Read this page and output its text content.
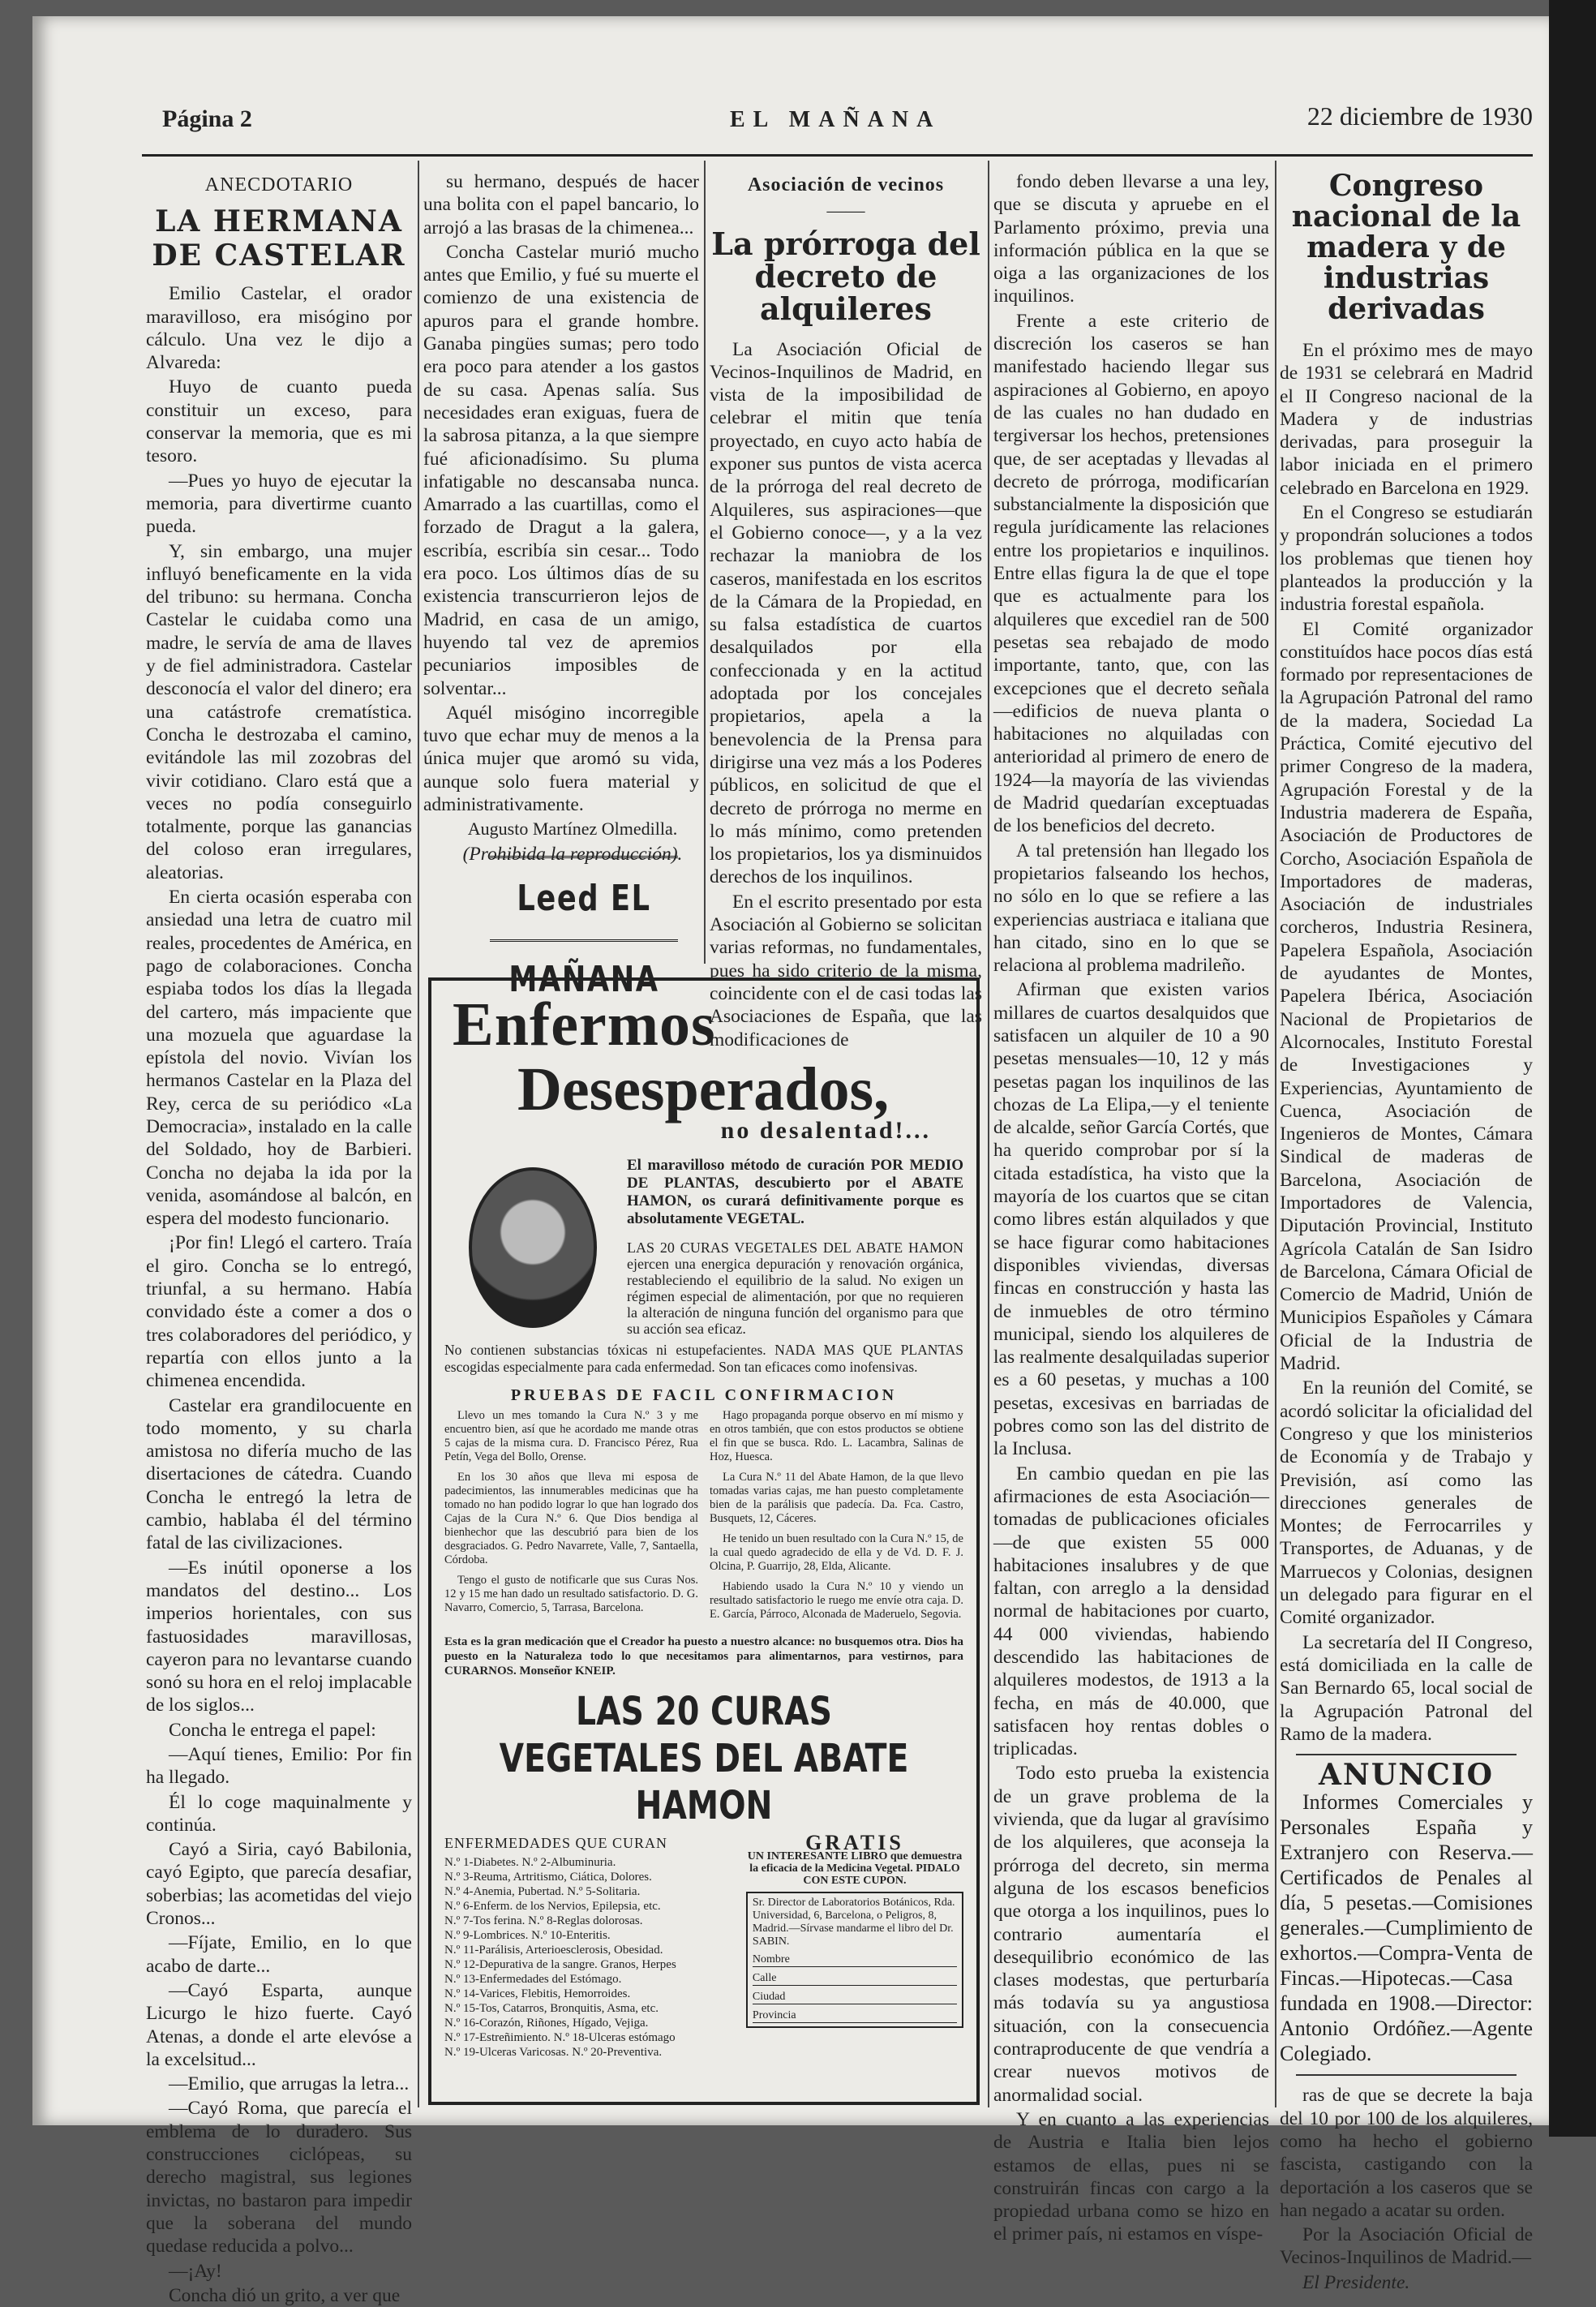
Página 2	EL MAÑANA	22 diciembre de 1930
ANECDOTARIO
LA HERMANA DE CASTELAR

Emilio Castelar, el orador maravilloso, era misógino por cálculo. Una vez le dijo a Alvareda:

Huyo de cuanto pueda constituir un exceso, para conservar la memoria, que es mi tesoro.

—Pues yo huyo de ejecutar la memoria, para divertirme cuanto pueda.

Y, sin embargo, una mujer influyó beneficamente en la vida del tribuno: su hermana. Concha Castelar le cuidaba como una madre, le servía de ama de llaves y de fiel administradora. Castelar desconocía el valor del dinero; era una catástrofe crematística. Concha le destrozaba el camino, evitándole las mil zozobras del vivir cotidiano. Claro está que a veces no podía conseguirlo totalmente, porque las ganancias del coloso eran irregulares, aleatorias.

En cierta ocasión esperaba con ansiedad una letra de cuatro mil reales, procedentes de América, en pago de colaboraciones. Concha espiaba todos los días la llegada del cartero, más impaciente que una mozuela que aguardase la epístola del novio. Vivían los hermanos Castelar en la Plaza del Rey, cerca de su periódico «La Democracia», instalado en la calle del Soldado, hoy de Barbieri. Concha no dejaba la ida por la venida, asomándose al balcón, en espera del modesto funcionario.

¡Por fin! Llegó el cartero. Traía el giro. Concha se lo entregó, triunfal, a su hermano. Había convidado éste a comer a dos o tres colaboradores del periódico, y repartía con ellos junto a la chimenea encendida.

Castelar era grandilocuente en todo momento, y su charla amistosa no difería mucho de las disertaciones de cátedra. Cuando Concha le entregó la letra de cambio, hablaba él del término fatal de las civilizaciones.

—Es inútil oponerse a los mandatos del destino... Los imperios horientales, con sus fastuosidades maravillosas, cayeron para no levantarse cuando sonó su hora en el reloj implacable de los siglos...

Concha le entrega el papel:

—Aquí tienes, Emilio: Por fin ha llegado.

Él lo coge maquinalmente y continúa.

Cayó a Siria, cayó Babilonia, cayó Egipto, que parecía desafiar, soberbias; las acometidas del viejo Cronos...

—Fíjate, Emilio, en lo que acabo de darte...

—Cayó Esparta, aunque Licurgo le hizo fuerte. Cayó Atenas, a donde el arte elevóse a la excelsitud...

—Emilio, que arrugas la letra...

—Cayó Roma, que parecía el emblema de lo duradero. Sus construcciones ciclópeas, su derecho magistral, sus legiones invictas, no bastaron para impedir que la soberana del mundo quedase reducida a polvo...

—¡Ay!

Concha dió un grito, a ver que

su hermano, después de hacer una bolita con el papel bancario, lo arrojó a las brasas de la chimenea...

Concha Castelar murió mucho antes que Emilio, y fué su muerte el comienzo de una existencia de apuros para el grande hombre. Ganaba pingües sumas; pero todo era poco para atender a los gastos de su casa. Apenas salía. Sus necesidades eran exiguas, fuera de la sabrosa pitanza, a la que siempre fué aficionadísimo. Su pluma infatigable no descansaba nunca. Amarrado a las cuartillas, como el forzado de Dragut a la galera, escribía, escribía sin cesar... Todo era poco. Los últimos días de su existencia transcurrieron lejos de Madrid, en casa de un amigo, huyendo tal vez de apremios pecuniarios imposibles de solventar...

Aquél misógino incorregible tuvo que echar muy de menos a la única mujer que aromó su vida, aunque solo fuera material y administrativamente.

Augusto Martínez Olmedilla.

(Prohibida la reproducción).

Leed EL MAÑANA
Asociación de vecinos
——
La prórroga del decreto de alquileres

La Asociación Oficial de Vecinos-Inquilinos de Madrid, en vista de la imposibilidad de celebrar el mitin que tenía proyectado, en cuyo acto había de exponer sus puntos de vista acerca de la prórroga del real decreto de Alquileres, sus aspiraciones—que el Gobierno conoce—, y a la vez rechazar la maniobra de los caseros, manifestada en los escritos de la Cámara de la Propiedad, en su falsa estadística de cuartos desalquilados por ella confeccionada y en la actitud adoptada por los concejales propietarios, apela a la benevolencia de la Prensa para dirigirse una vez más a los Poderes públicos, en solicitud de que el decreto de prórroga no merme en lo más mínimo, como pretenden los propietarios, los ya disminuidos derechos de los inquilinos.

En el escrito presentado por esta Asociación al Gobierno se solicitan varias reformas, no fundamentales, pues ha sido criterio de la misma, coincidente con el de casi todas las Asociaciones de España, que las modificaciones de

fondo deben llevarse a una ley, que se discuta y apruebe en el Parlamento próximo, previa una información pública en la que se oiga a las organizaciones de los inquilinos.

Frente a este criterio de discreción los caseros se han manifestado haciendo llegar sus aspiraciones al Gobierno, en apoyo de las cuales no han dudado en tergiversar los hechos, pretensiones que, de ser aceptadas y llevadas al decreto de prórroga, modificarían substancialmente la disposición que regula jurídicamente las relaciones entre los propietarios e inquilinos. Entre ellas figura la de que el tope que es actualmente para los alquileres que excediel ran de 500 pesetas sea rebajado de modo importante, tanto, que, con las excepciones que el decreto señala—edificios de nueva planta o habitaciones no alquiladas con anterioridad al primero de enero de 1924—la mayoría de las viviendas de Madrid quedarían exceptuadas de los beneficios del decreto.

A tal pretensión han llegado los propietarios falseando los hechos, no sólo en lo que se refiere a las experiencias austriaca e italiana que han citado, sino en lo que se relaciona al problema madrileño.

Afirman que existen varios millares de cuartos desalquidos que satisfacen un alquiler de 10 a 90 pesetas mensuales—10, 12 y más pesetas pagan los inquilinos de las chozas de La Elipa,—y el teniente de alcalde, señor García Cortés, que ha querido comprobar por sí la citada estadística, ha visto que la mayoría de los cuartos que se citan como libres están alquilados y que se hace figurar como habitaciones disponibles viviendas, diversas fincas en construcción y hasta las de inmuebles de otro término municipal, siendo los alquileres de las realmente desalquiladas superior es a 60 pesetas, y muchas a 100 pesetas, excesivas en barriadas de pobres como son las del distrito de la Inclusa.

En cambio quedan en pie las afirmaciones de esta Asociación—tomadas de publicaciones oficiales—de que existen 55 000 habitaciones insalubres y de que faltan, con arreglo a la densidad normal de habitaciones por cuarto, 44 000 viviendas, habiendo descendido las habitaciones de alquileres modestos, de 1913 a la fecha, en más de 40.000, que satisfacen hoy rentas dobles o triplicadas.

Todo esto prueba la existencia de un grave problema de la vivienda, que da lugar al gravísimo de los alquileres, que aconseja la prórroga del decreto, sin merma alguna de los escasos beneficios que otorga a los inquilinos, pues lo contrario aumentaría el desequilibrio económico de las clases modestas, que perturbaría más todavía su ya angustiosa situación, con la consecuencia contraproducente de que vendría a crear nuevos motivos de anormalidad social.

Y en cuanto a las experiencias de Austria e Italia bien lejos estamos de ellas, pues ni se construirán fincas con cargo a la propiedad urbana como se hizo en el primer país, ni estamos en víspe-

Congreso nacional de la madera y de industrias derivadas

En el próximo mes de mayo de 1931 se celebrará en Madrid el II Congreso nacional de la Madera y de industrias derivadas, para proseguir la labor iniciada en el primero celebrado en Barcelona en 1929.

En el Congreso se estudiarán y propondrán soluciones a todos los problemas que tienen hoy planteados la producción y la industria forestal española.

El Comité organizador constituídos hace pocos días está formado por representaciones de la Agrupación Patronal del ramo de la madera, Sociedad La Práctica, Comité ejecutivo del primer Congreso de la madera, Agrupación Forestal y de la Industria maderera de España, Asociación de Productores de Corcho, Asociación Española de Importadores de maderas, Asociación de industriales corcheros, Industria Resinera, Papelera Española, Asociación de ayudantes de Montes, Papelera Ibérica, Asociación Nacional de Propietarios de Alcornocales, Instituto Forestal de Investigaciones y Experiencias, Ayuntamiento de Cuenca, Asociación de Ingenieros de Montes, Cámara Sindical de maderas de Barcelona, Asociación de Importadores de Valencia, Diputación Provincial, Instituto Agrícola Catalán de San Isidro de Barcelona, Cámara Oficial de Comercio de Madrid, Unión de Municipios Españoles y Cámara Oficial de la Industria de Madrid.

En la reunión del Comité, se acordó solicitar la oficialidad del Congreso y que los ministerios de Economía y de Trabajo y Previsión, así como las direcciones generales de Montes; de Ferrocarriles y Transportes, de Aduanas, y de Marruecos y Colonias, designen un delegado para figurar en el Comité organizador.

La secretaría del II Congreso, está domiciliada en la calle de San Bernardo 65, local social de la Agrupación Patronal del Ramo de la madera.

ANUNCIO

Informes Comerciales y Personales España y Extranjero con Reserva.—Certificados de Penales al día, 5 pesetas.—Comisiones generales.—Cumplimiento de exhortos.—Compra-Venta de Fincas.—Hipotecas.—Casa fundada en 1908.—Director: Antonio Ordóñez.—Agente Colegiado.

ras de que se decrete la baja del 10 por 100 de los alquileres, como ha hecho el gobierno fascista, castigando con la deportación a los caseros que se han negado a acatar su orden.

Por la Asociación Oficial de Vecinos-Inquilinos de Madrid.—

El Presidente.

Enfermos
Desesperados,
no desalentad!...
El maravilloso método de curación POR MEDIO DE PLANTAS, descubierto por el ABATE HAMON, os curará definitivamente porque es absolutamente VEGETAL.
LAS 20 CURAS VEGETALES DEL ABATE HAMON ejercen una energica depuración y renovación orgánica, restableciendo el equilibrio de la salud. No exigen un régimen especial de alimentación, por que no requieren la alteración de ninguna función del organismo para que su acción sea eficaz.
No contienen substancias tóxicas ni estupefacientes. NADA MAS QUE PLANTAS escogidas especialmente para cada enfermedad. Son tan eficaces como inofensivas.
PRUEBAS DE FACIL CONFIRMACION

Llevo un mes tomando la Cura N.º 3 y me encuentro bien, así que he acordado me mande otras 5 cajas de la misma cura. D. Francisco Pérez, Rua Petín, Vega del Bollo, Orense.

En los 30 años que lleva mi esposa de padecimientos, las innumerables medicinas que ha tomado no han podido lograr lo que han logrado dos Cajas de la Cura N.º 6. Que Dios bendiga al bienhechor que las descubrió para bien de los desgraciados. G. Pedro Navarrete, Valle, 7, Santaella, Córdoba.

Tengo el gusto de notificarle que sus Curas Nos. 12 y 15 me han dado un resultado satisfactorio. D. G. Navarro, Comercio, 5, Tarrasa, Barcelona.

Hago propaganda porque observo en mí mismo y en otros también, que con estos productos se obtiene el fin que se busca. Rdo. L. Lacambra, Salinas de Hoz, Huesca.

La Cura N.º 11 del Abate Hamon, de la que llevo tomadas varias cajas, me han puesto completamente bien de la parálisis que padecía. Da. Fca. Castro, Busquets, 12, Cáceres.

He tenido un buen resultado con la Cura N.º 15, de la cual quedo agradecido de ella y de Vd. D. F. J. Olcina, P. Guarrijo, 28, Elda, Alicante.

Habiendo usado la Cura N.º 10 y viendo un resultado satisfactorio le ruego me envíe otra caja. D. E. García, Párroco, Alconada de Maderuelo, Segovia.

Esta es la gran medicación que el Creador ha puesto a nuestro alcance: no busquemos otra. Dios ha puesto en la Naturaleza todo lo que necesitamos para alimentarnos, para vestirnos, para CURARNOS. Monseñor KNEIP.
LAS 20 CURAS VEGETALES DEL ABATE HAMON
ENFERMEDADES QUE CURAN
N.º 1-Diabetes. N.º 2-Albuminuria.
N.º 3-Reuma, Artritismo, Ciática, Dolores.
N.º 4-Anemia, Pubertad. N.º 5-Solitaria.
N.º 6-Enferm. de los Nervios, Epilepsia, etc.
N.º 7-Tos ferina. N.º 8-Reglas dolorosas.
N.º 9-Lombrices. N.º 10-Enteritis.
N.º 11-Parálisis, Arterioesclerosis, Obesidad.
N.º 12-Depurativa de la sangre. Granos, Herpes
N.º 13-Enfermedades del Estómago.
N.º 14-Varices, Flebitis, Hemorroides.
N.º 15-Tos, Catarros, Bronquitis, Asma, etc.
N.º 16-Corazón, Riñones, Hígado, Vejiga.
N.º 17-Estreñimiento. N.º 18-Ulceras estómago
N.º 19-Ulceras Varicosas. N.º 20-Preventiva.
GRATIS
UN INTERESANTE LIBRO que demuestra la eficacia de la Medicina Vegetal. PIDALO CON ESTE CUPON.
Sr. Director de Laboratorios Botánicos, Rda. Universidad, 6, Barcelona, o Peligros, 8, Madrid.—Sírvase mandarme el libro del Dr. SABIN.
Nombre
Calle
Ciudad
Provincia
